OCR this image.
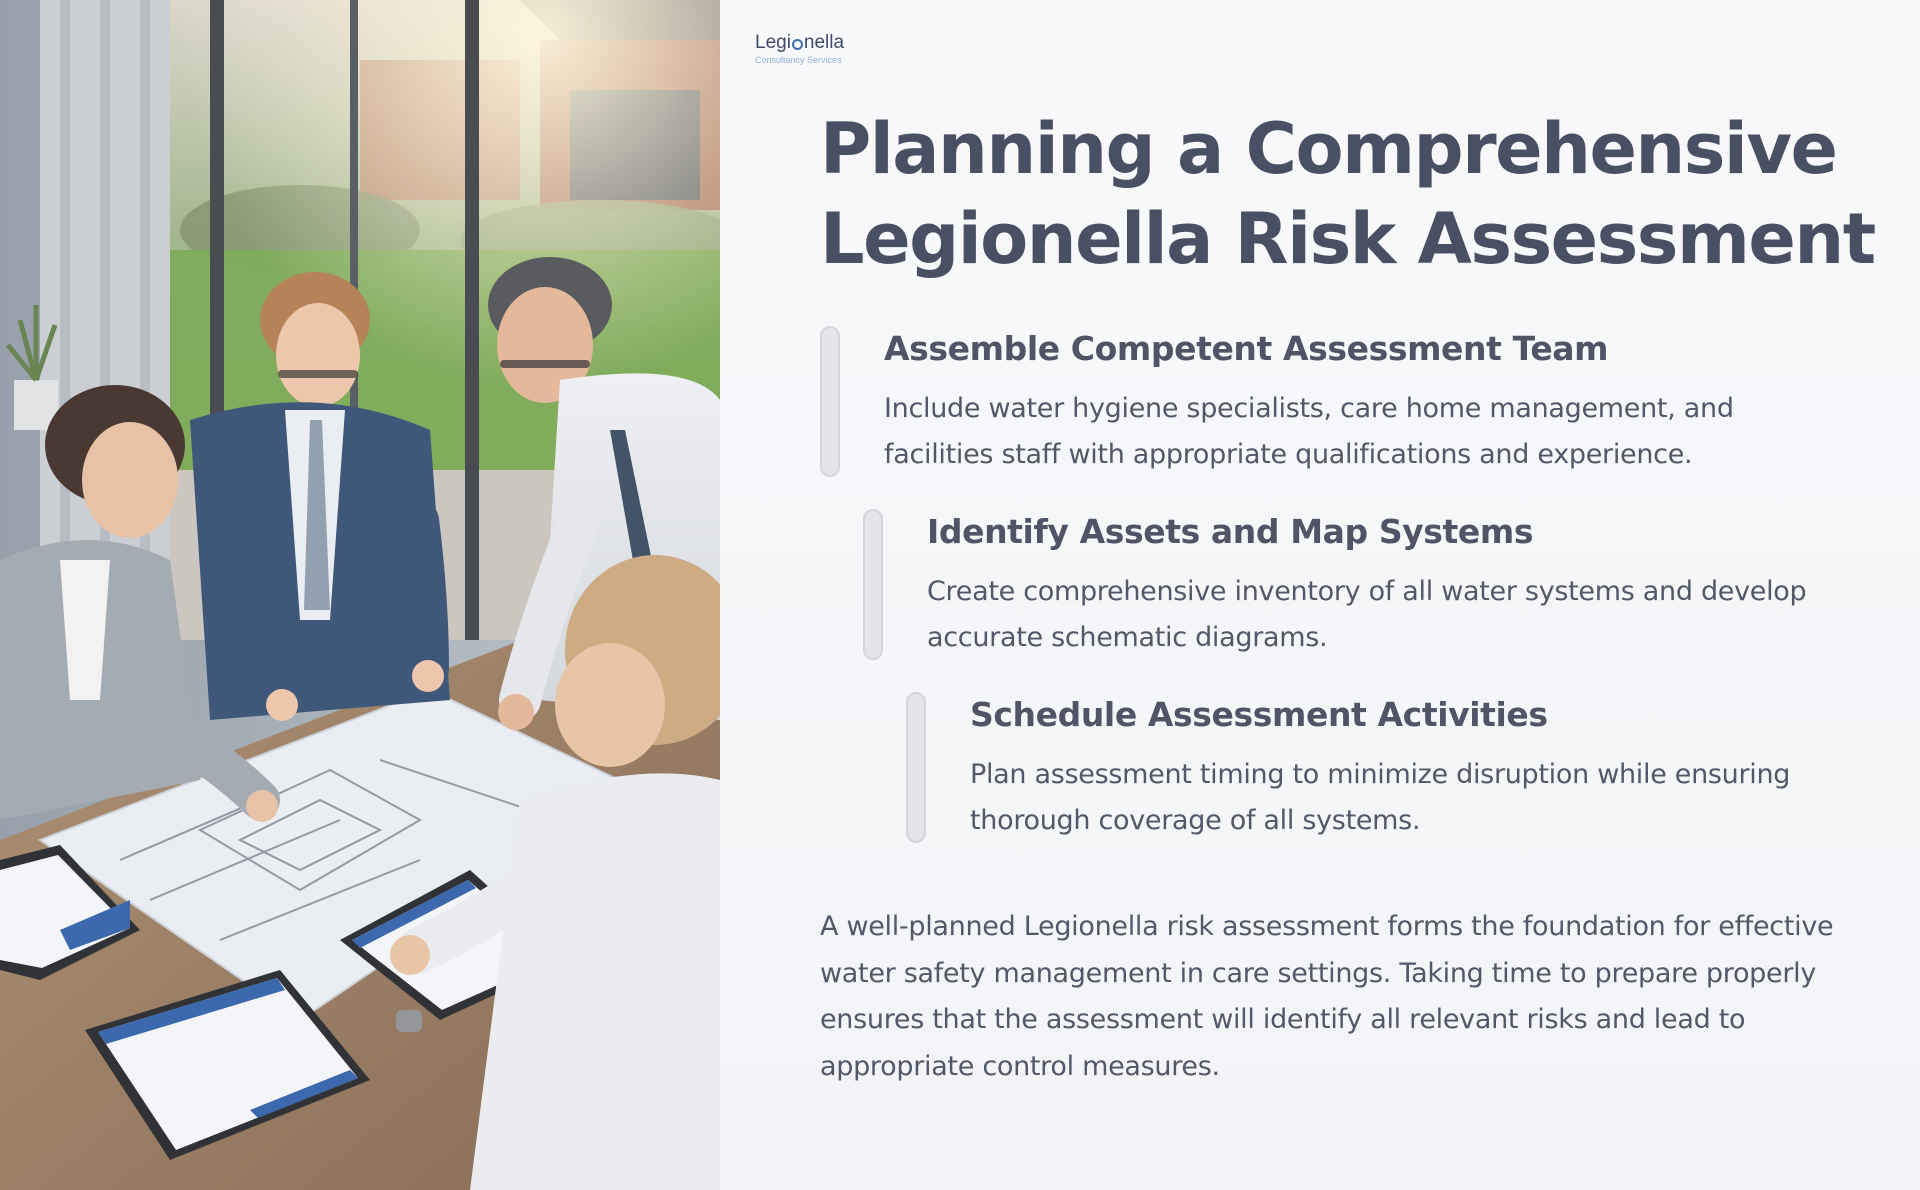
Legi nella
Consultancy Services
Planning a Comprehensive Legionella Risk Assessment
Assemble Competent Assessment Team

Include water hygiene specialists, care home management, and facilities staff with appropriate qualifications and experience.

Identify Assets and Map Systems

Create comprehensive inventory of all water systems and develop accurate schematic diagrams.

Schedule Assessment Activities

Plan assessment timing to minimize disruption while ensuring thorough coverage of all systems.

A well-planned Legionella risk assessment forms the foundation for effective water safety management in care settings. Taking time to prepare properly ensures that the assessment will identify all relevant risks and lead to appropriate control measures.
